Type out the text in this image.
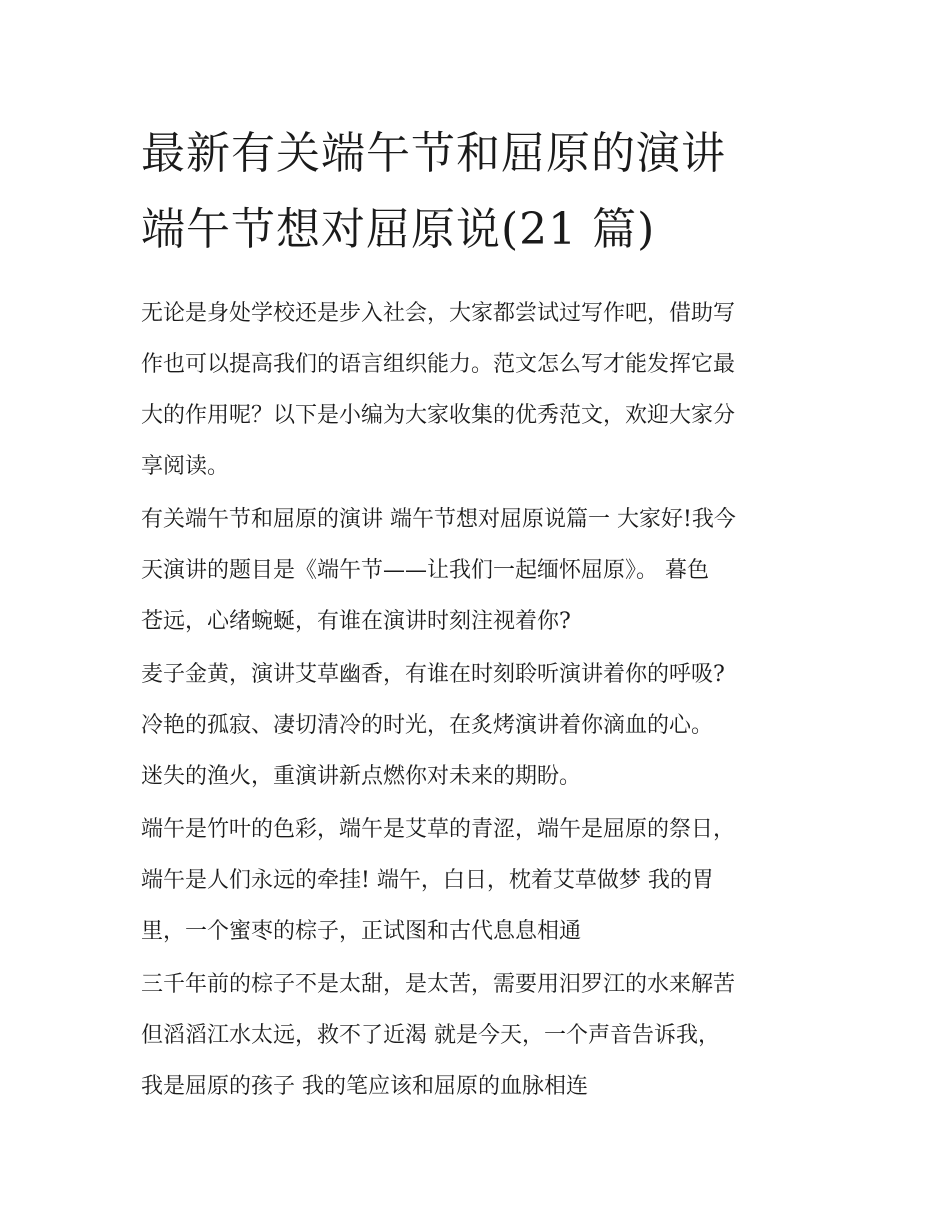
最新有关端午节和屈原的演讲
端午节想对屈原说(21 篇)

无论是身处学校还是步入社会，大家都尝试过写作吧，借助写
作也可以提高我们的语言组织能力。范文怎么写才能发挥它最
大的作用呢？以下是小编为大家收集的优秀范文，欢迎大家分
享阅读。

有关端午节和屈原的演讲 端午节想对屈原说篇一 大家好!我今
天演讲的题目是《端午节——让我们一起缅怀屈原》。 暮色
苍远，心绪蜿蜒，有谁在演讲时刻注视着你?

麦子金黄，演讲艾草幽香，有谁在时刻聆听演讲着你的呼吸?
冷艳的孤寂、凄切清冷的时光，在炙烤演讲着你滴血的心。
迷失的渔火，重演讲新点燃你对未来的期盼。

端午是竹叶的色彩，端午是艾草的青涩，端午是屈原的祭日，
端午是人们永远的牵挂! 端午，白日，枕着艾草做梦 我的胃
里，一个蜜枣的棕子，正试图和古代息息相通

三千年前的棕子不是太甜，是太苦，需要用汨罗江的水来解苦
但滔滔江水太远，救不了近渴 就是今天，一个声音告诉我，
我是屈原的孩子 我的笔应该和屈原的血脉相连
